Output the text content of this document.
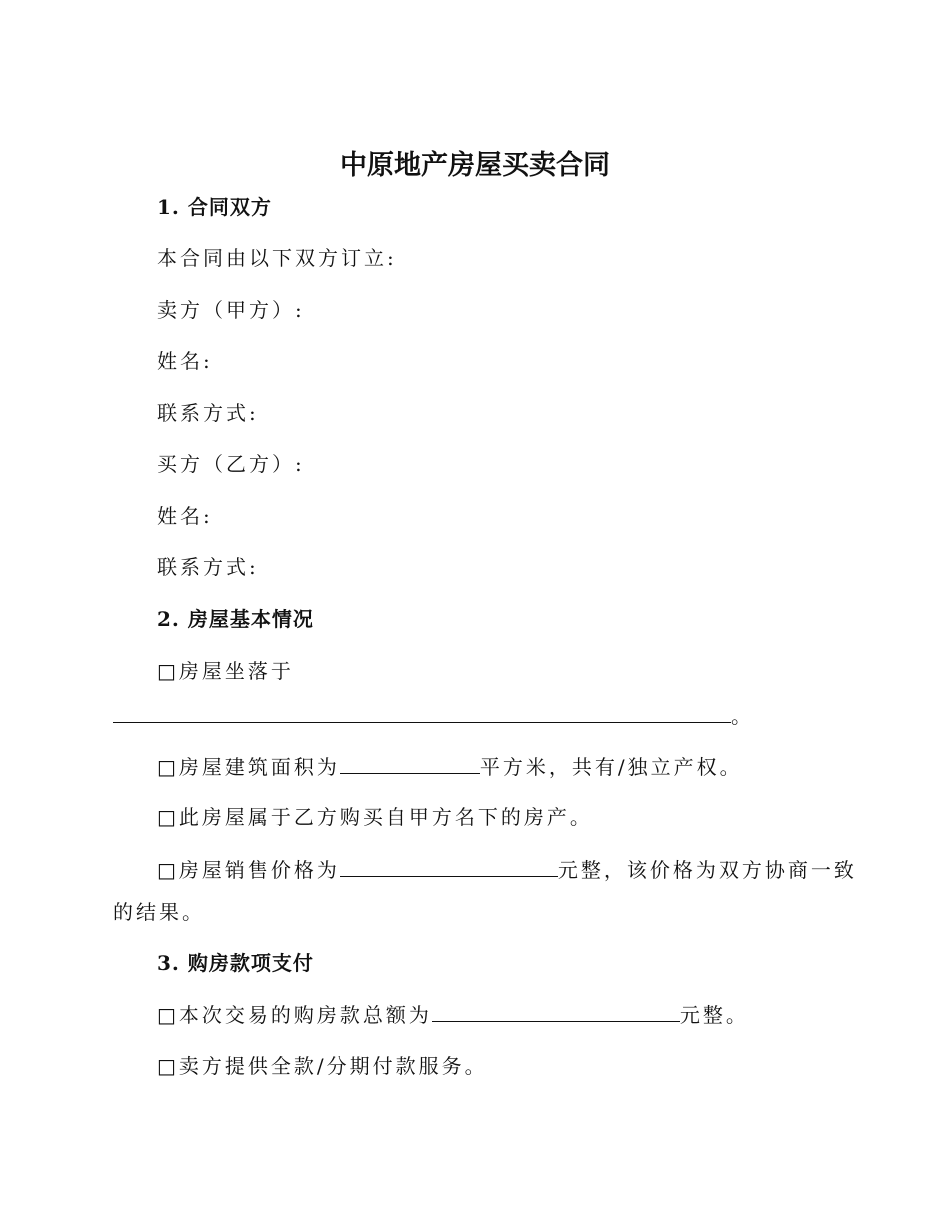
中原地产房屋买卖合同
1. 合同双方
本合同由以下双方订立:
卖方（甲方）:
姓名:
联系方式:
买方（乙方）:
姓名:
联系方式:
2. 房屋基本情况
□房屋坐落于
。
□房屋建筑面积为	平方米，共有/独立产权。
□此房屋属于乙方购买自甲方名下的房产。
□房屋销售价格为	元整，该价格为双方协商一致
的结果。
3. 购房款项支付
□本次交易的购房款总额为	元整。
□卖方提供全款/分期付款服务。
